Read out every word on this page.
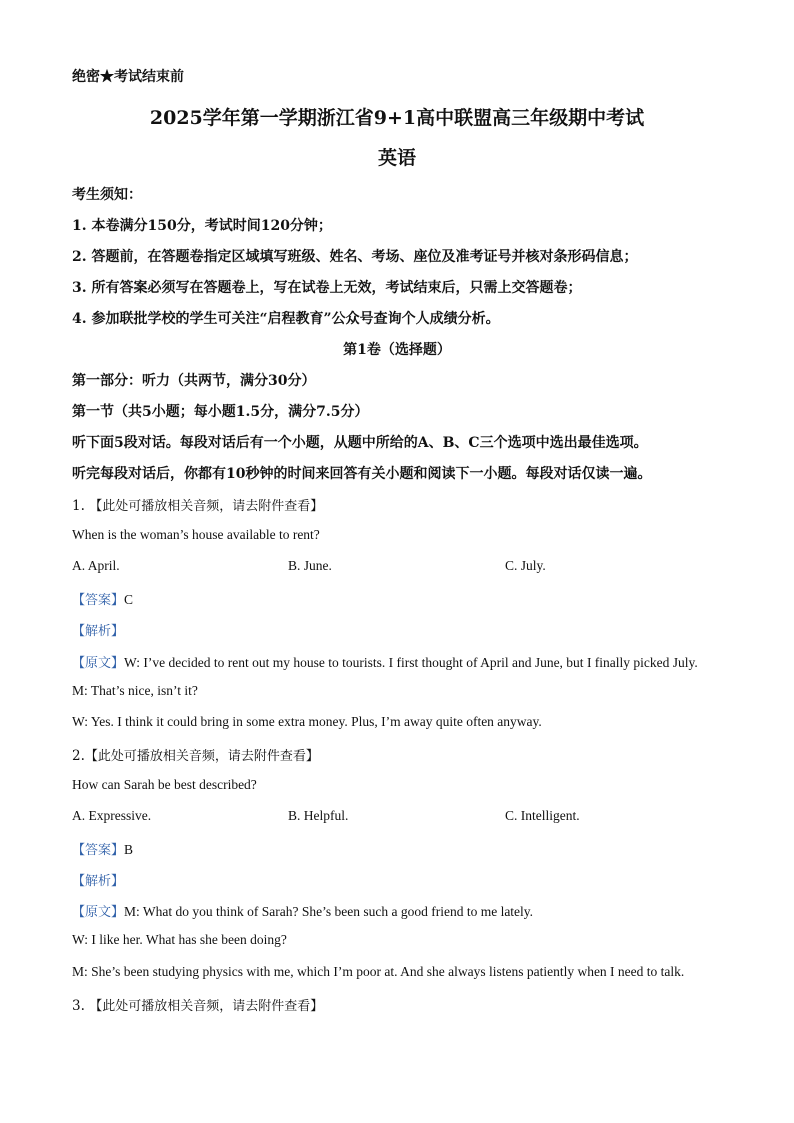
绝密★考试结束前
2025学年第一学期浙江省9+1高中联盟高三年级期中考试
英语
考生须知：
1. 本卷满分150分，考试时间120分钟；
2. 答题前，在答题卷指定区域填写班级、姓名、考场、座位及准考证号并核对条形码信息；
3. 所有答案必须写在答题卷上，写在试卷上无效，考试结束后，只需上交答题卷；
4. 参加联批学校的学生可关注“启程教育”公众号查询个人成绩分析。
第1卷（选择题）
第一部分：听力（共两节，满分30分）
第一节（共5小题；每小题1.5分，满分7.5分）
听下面5段对话。每段对话后有一个小题，从题中所给的A、B、C三个选项中选出最佳选项。
听完每段对话后，你都有10秒钟的时间来回答有关小题和阅读下一小题。每段对话仅读一遍。
1. 【此处可播放相关音频，请去附件查看】
When is the woman’s house available to rent?
A. April.	B. June.	C. July.
【答案】C
【解析】
【原文】W: I’ve decided to rent out my house to tourists. I first thought of April and June, but I finally picked July.
M: That’s nice, isn’t it?
W: Yes. I think it could bring in some extra money. Plus, I’m away quite often anyway.
2.【此处可播放相关音频，请去附件查看】
How can Sarah be best described?
A. Expressive.	B. Helpful.	C. Intelligent.
【答案】B
【解析】
【原文】M: What do you think of Sarah? She’s been such a good friend to me lately.
W: I like her. What has she been doing?
M: She’s been studying physics with me, which I’m poor at. And she always listens patiently when I need to talk.
3. 【此处可播放相关音频，请去附件查看】
